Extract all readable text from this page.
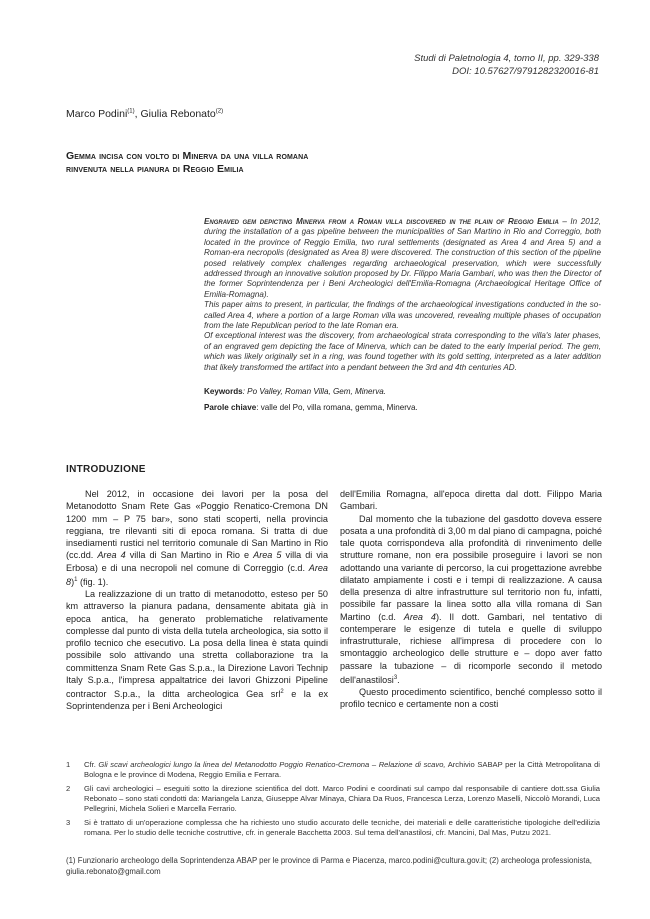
Studi di Paletnologia 4, tomo II, pp. 329-338
DOI: 10.57627/9791282320016-81
Marco Podini$^{(1)}$, Giulia Rebonato$^{(2)}$
Gemma incisa con volto di Minerva da una villa romana
rinvenuta nella pianura di Reggio Emilia

Engraved gem depicting Minerva from a Roman villa discovered in the plain of Reggio Emilia – In 2012, during the installation of a gas pipeline between the municipalities of San Martino in Rio and Correggio, both located in the province of Reggio Emilia, two rural settlements (designated as Area 4 and Area 5) and a Roman-era necropolis (designated as Area 8) were discovered. The construction of this section of the pipeline posed relatively complex challenges regarding archaeological preservation, which were successfully addressed through an innovative solution proposed by Dr. Filippo Maria Gambari, who was then the Director of the former Soprintendenza per i Beni Archeologici dell'Emilia-Romagna (Archaeological Heritage Office of Emilia-Romagna).

This paper aims to present, in particular, the findings of the archaeological investigations conducted in the so-called Area 4, where a portion of a large Roman villa was uncovered, revealing multiple phases of occupation from the late Republican period to the late Roman era.

Of exceptional interest was the discovery, from archaeological strata corresponding to the villa's later phases, of an engraved gem depicting the face of Minerva, which can be dated to the early Imperial period. The gem, which was likely originally set in a ring, was found together with its gold setting, interpreted as a later addition that likely transformed the artifact into a pendant between the 3rd and 4th centuries AD.

Keywords: Po Valley, Roman Villa, Gem, Minerva.
Parole chiave: valle del Po, villa romana, gemma, Minerva.
INTRODUZIONE

Nel 2012, in occasione dei lavori per la posa del Metanodotto Snam Rete Gas «Poggio Renatico-Cremona DN 1200 mm – P 75 bar», sono stati scoperti, nella provincia reggiana, tre rilevanti siti di epoca romana. Si tratta di due insediamenti rustici nel territorio comunale di San Martino in Rio (cc.dd. Area 4 villa di San Martino in Rio e Area 5 villa di via Erbosa) e di una necropoli nel comune di Correggio (c.d. Area 8)$^1$ (fig. 1).

La realizzazione di un tratto di metanodotto, esteso per 50 km attraverso la pianura padana, densamente abitata già in epoca antica, ha generato problematiche relativamente complesse dal punto di vista della tutela archeologica, sia sotto il profilo tecnico che esecutivo. La posa della linea è stata quindi possibile solo attivando una stretta collaborazione tra la committenza Snam Rete Gas S.p.a., la Direzione Lavori Technip Italy S.p.a., l'impresa appaltatrice dei lavori Ghizzoni Pipeline contractor S.p.a., la ditta archeologica Gea srl$^2$ e la ex Soprintendenza per i Beni Archeologici

dell'Emilia Romagna, all'epoca diretta dal dott. Filippo Maria Gambari.

Dal momento che la tubazione del gasdotto doveva essere posata a una profondità di 3,00 m dal piano di campagna, poiché tale quota corrispondeva alla profondità di rinvenimento delle strutture romane, non era possibile proseguire i lavori se non adottando una variante di percorso, la cui progettazione avrebbe dilatato ampiamente i costi e i tempi di realizzazione. A causa della presenza di altre infrastrutture sul territorio non fu, infatti, possibile far passare la linea sotto alla villa romana di San Martino (c.d. Area 4). Il dott. Gambari, nel tentativo di contemperare le esigenze di tutela e quelle di sviluppo infrastrutturale, richiese all'impresa di procedere con lo smontaggio archeologico delle strutture e – dopo aver fatto passare la tubazione – di ricomporle secondo il metodo dell'anastilosi$^3$.

Questo procedimento scientifico, benché complesso sotto il profilo tecnico e certamente non a costi

1	Cfr. Gli scavi archeologici lungo la linea del Metanodotto Poggio Renatico-Cremona – Relazione di scavo, Archivio SABAP per la Città Metropolitana di Bologna e le province di Modena, Reggio Emilia e Ferrara.
2	Gli cavi archeologici – eseguiti sotto la direzione scientifica del dott. Marco Podini e coordinati sul campo dal responsabile di cantiere dott.ssa Giulia Rebonato – sono stati condotti da: Mariangela Lanza, Giuseppe Alvar Minaya, Chiara Da Ruos, Francesca Lerza, Lorenzo Maselli, Niccolò Morandi, Luca Pellegrini, Michela Solieri e Marcella Ferrario.
3	Si è trattato di un'operazione complessa che ha richiesto uno studio accurato delle tecniche, dei materiali e delle caratteristiche tipologiche dell'edilizia romana. Per lo studio delle tecniche costruttive, cfr. in generale Bacchetta 2003. Sul tema dell'anastilosi, cfr. Mancini, Dal Mas, Putzu 2021.
(1) Funzionario archeologo della Soprintendenza ABAP per le province di Parma e Piacenza, marco.podini@cultura.gov.it; (2) archeologa professionista, giulia.rebonato@gmail.com
